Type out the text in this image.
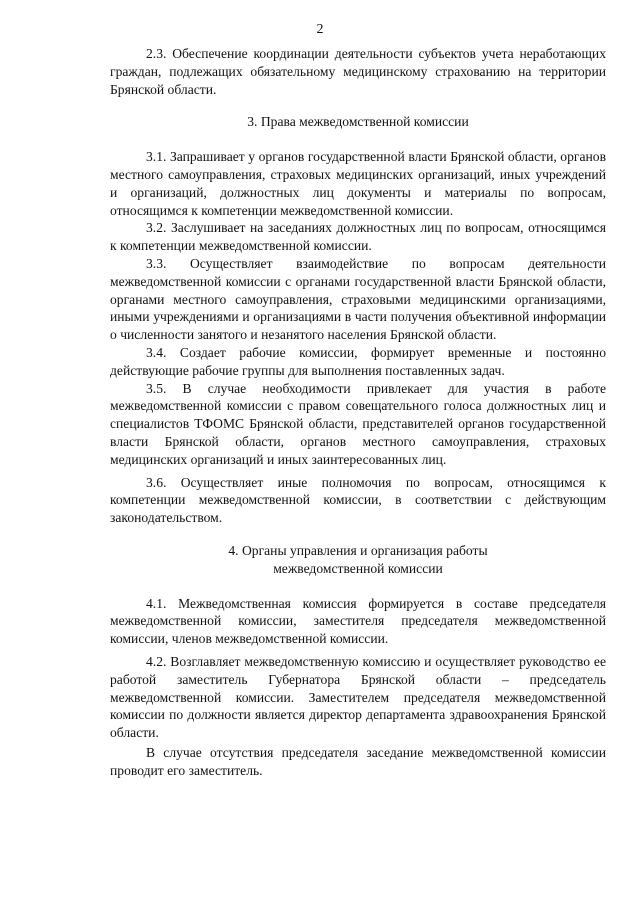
2

2.3. Обеспечение координации деятельности субъектов учета неработающих граждан, подлежащих обязательному медицинскому страхованию на территории Брянской области.

3. Права межведомственной комиссии

3.1. Запрашивает у органов государственной власти Брянской области, органов местного самоуправления, страховых медицинских организаций, иных учреждений и организаций, должностных лиц документы и материалы по вопросам, относящимся к компетенции межведомственной комиссии.

3.2. Заслушивает на заседаниях должностных лиц по вопросам, относящимся к компетенции межведомственной комиссии.

3.3. Осуществляет взаимодействие по вопросам деятельности межведомственной комиссии с органами государственной власти Брянской области, органами местного самоуправления, страховыми медицинскими организациями, иными учреждениями и организациями в части получения объективной информации о численности занятого и незанятого населения Брянской области.

3.4. Создает рабочие комиссии, формирует временные и постоянно действующие рабочие группы для выполнения поставленных задач.

3.5. В случае необходимости привлекает для участия в работе межведомственной комиссии с правом совещательного голоса должностных лиц и специалистов ТФОМС Брянской области, представителей органов государственной власти Брянской области, органов местного самоуправления, страховых медицинских организаций и иных заинтересованных лиц.

3.6. Осуществляет иные полномочия по вопросам, относящимся к компетенции межведомственной комиссии, в соответствии с действующим законодательством.

4. Органы управления и организация работы

межведомственной комиссии

4.1. Межведомственная комиссия формируется в составе председателя межведомственной комиссии, заместителя председателя межведомственной комиссии, членов межведомственной комиссии.

4.2. Возглавляет межведомственную комиссию и осуществляет руководство ее работой заместитель Губернатора Брянской области – председатель межведомственной комиссии. Заместителем председателя межведомственной комиссии по должности является директор департамента здравоохранения Брянской области.

В случае отсутствия председателя заседание межведомственной комиссии проводит его заместитель.
